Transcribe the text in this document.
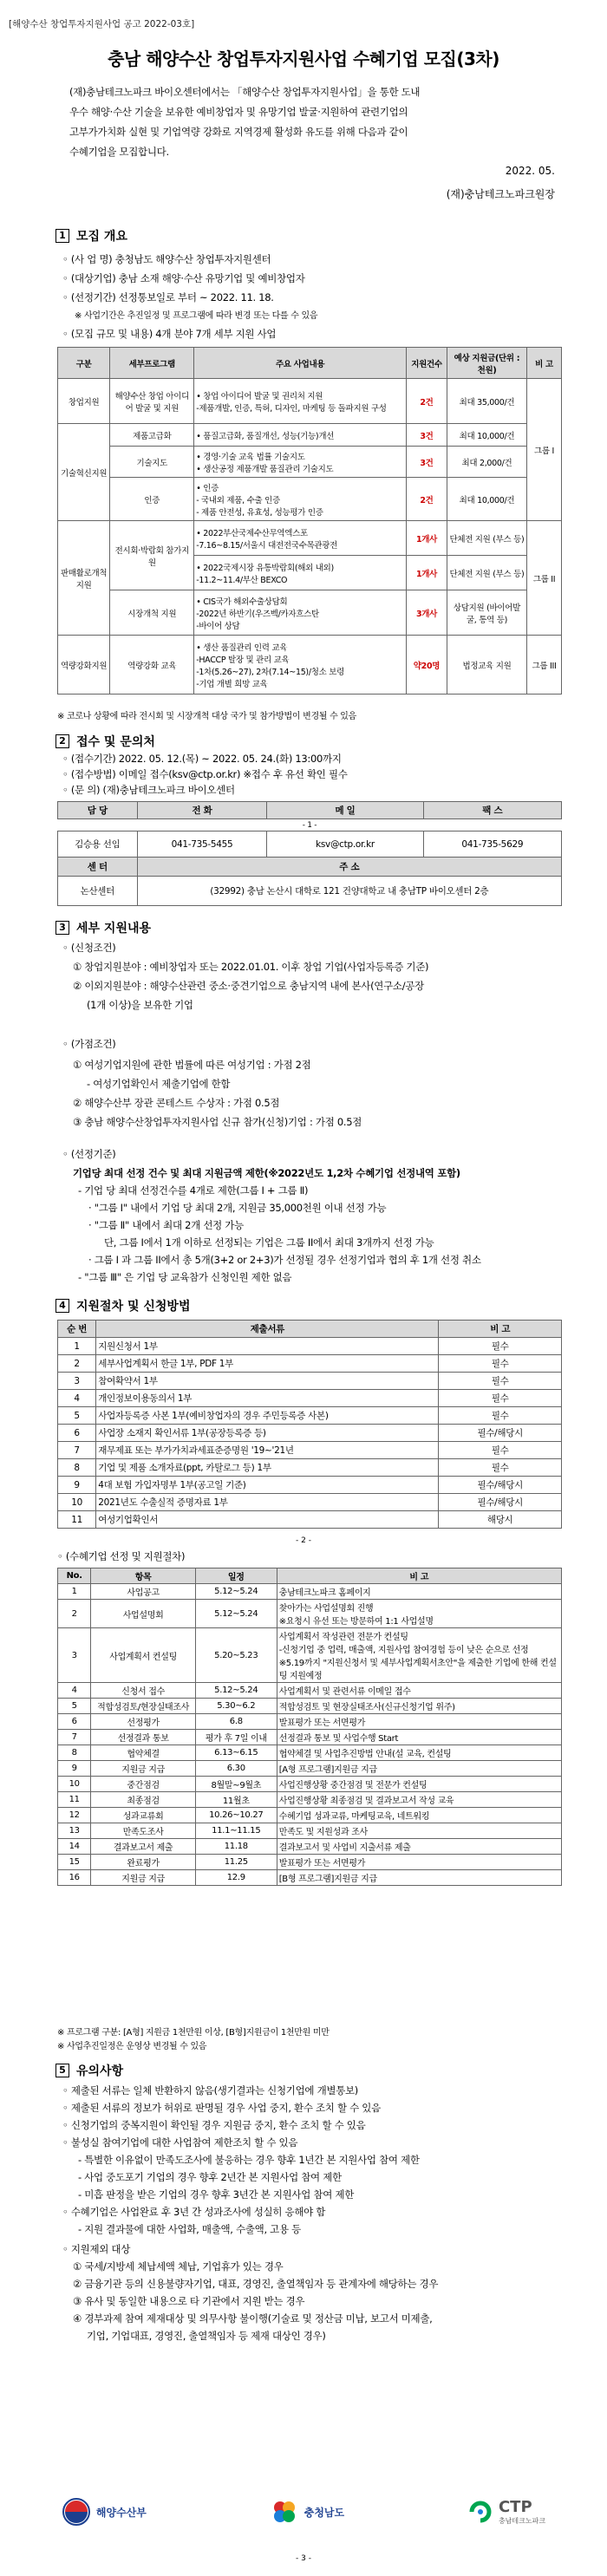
[해양수산 창업투자지원사업 공고 2022-03호]
충남 해양수산 창업투자지원사업 수혜기업 모집(3차)
(재)충남테크노파크 바이오센터에서는 「해양수산 창업투자지원사업」을 통한 도내
우수 해양·수산 기술을 보유한 예비창업자 및 유망기업 발굴·지원하여 관련기업의
고부가가치화 실현 및 기업역량 강화로 지역경제 활성화 유도를 위해 다음과 같이
수혜기업을 모집합니다.
2022. 05.
(재)충남테크노파크원장
1 모집 개요
◦ (사 업 명) 충청남도 해양수산 창업투자지원센터
◦ (대상기업) 충남 소재 해양·수산 유망기업 및 예비창업자
◦ (선정기간) 선정통보일로 부터 ~ 2022. 11. 18.
※ 사업기간은 추진일정 및 프로그램에 따라 변경 또는 다를 수 있음
◦ (모집 규모 및 내용) 4개 분야 7개 세부 지원 사업
구분	세부프로그램	주요 사업내용	지원건수	예상 지원금(단위 : 천원)	비 고
창업지원	해양수산 창업 아이디어 발굴 및 지원	• 창업 아이디어 발굴 및 권리처 지원
-제품개발, 인증, 특허, 디자인, 마케팅 등 돌파지원 구성	2건	최대 35,000/건	그룹 I
기술혁신지원	제품고급화	• 품질고급화, 품질개선, 성능(기능)개선	3건	최대 10,000/건	
	기술지도	• 경영·기술 교육 법률 기술지도
• 생산공정 제품개발 품질관리 기술지도	3건	최대 2,000/건	
	인증	• 인증
- 국내외 제품, 수출 인증
- 제품 안전성, 유효성, 성능평가 인증	2건	최대 10,000/건	
판매활로개척지원	전시회·박람회 참가지원	• 2022부산국제수산무역엑스포
-7.16~8.15/서울시 대전전국수목관광전	1개사	단체전 지원 (부스 등)	그룹 II
		• 2022국제시장 유통박람회(해외 내외)
-11.2~11.4/부산 BEXCO	1개사	단체전 지원 (부스 등)	
	시장개척 지원	• CIS국가 해외수출상담회
-2022년 하반기(우즈벡/카자흐스탄
-바이어 상담	3개사	상담지원 (바이어발굴, 통역 등)	
역량강화지원	역량강화 교육	• 생산 품질관리 인력 교육
-HACCP 탈장 및 관리 교육
-1차(5.26~27), 2차(7.14~15)/청소 보령
-기업 개별 희망 교육	약20명	법정교육 지원	그룹 III
※ 코로나 상황에 따라 전시회 및 시장개척 대상 국가 및 참가방법이 변경될 수 있음
2 접수 및 문의처
◦ (접수기간) 2022. 05. 12.(목) ~ 2022. 05. 24.(화) 13:00까지
◦ (접수방법) 이메일 접수(ksv@ctp.or.kr) ※접수 후 유선 확인 필수
◦ (문 의) (재)충남테크노파크 바이오센터
담 당	전 화	메 일	팩 스
- 1 -			
김승용 선임	041-735-5455	ksv@ctp.or.kr	041-735-5629
센 터	주 소		
논산센터	(32992) 충남 논산시 대학로 121 건양대학교 내 충남TP 바이오센터 2층		
3 세부 지원내용
◦ (신청조건)
① 창업지원분야 : 예비창업자 또는 2022.01.01. 이후 창업 기업(사업자등록증 기준)
② 이외지원분야 : 해양수산관련 중소·중견기업으로 충남지역 내에 본사(연구소/공장
(1개 이상)을 보유한 기업
◦ (가점조건)
① 여성기업지원에 관한 법률에 따른 여성기업 : 가점 2점
- 여성기업확인서 제출기업에 한함
② 해양수산부 장관 콘테스트 수상자 : 가점 0.5점
③ 충남 해양수산창업투자지원사업 신규 참가(신청)기업 : 가점 0.5점
◦ (선정기준)
기업당 최대 선정 건수 및 최대 지원금액 제한(※2022년도 1,2차 수혜기업 선정내역 포함)
- 기업 당 최대 선정건수를 4개로 제한(그룹 Ⅰ + 그룹 Ⅱ)
· "그룹 Ⅰ" 내에서 기업 당 최대 2개, 지원금 35,000천원 이내 선정 가능
· "그룹 Ⅱ" 내에서 최대 2개 선정 가능
단, 그룹 I에서 1개 이하로 선정되는 기업은 그룹 II에서 최대 3개까지 선정 가능
· 그룹 I 과 그룹 II에서 총 5개(3+2 or 2+3)가 선정될 경우 선정기업과 협의 후 1개 선정 취소
- "그룹 Ⅲ" 은 기업 당 교육참가 신청인원 제한 없음
4 지원절차 및 신청방법
순 번	제출서류	비 고
1	지원신청서 1부	필수
2	세부사업계획서 한글 1부, PDF 1부	필수
3	참여확약서 1부	필수
4	개인정보이용동의서 1부	필수
5	사업자등록증 사본 1부(예비창업자의 경우 주민등록증 사본)	필수
6	사업장 소재지 확인서류 1부(공장등록증 등)	필수/해당시
7	재무제표 또는 부가가치과세표준증명원 '19~'21년	필수
8	기업 및 제품 소개자료(ppt, 카탈로그 등) 1부	필수
9	4대 보험 가입자명부 1부(공고일 기준)	필수/해당시
10	2021년도 수출실적 증명자료 1부	필수/해당시
11	여성기업확인서	해당시
- 2 -
◦ (수혜기업 선정 및 지원절차)
No.	항목	일정	비 고
1	사업공고	5.12~5.24	충남테크노파크 홈페이지
2	사업설명회	5.12~5.24	찾아가는 사업설명회 진행
※요청시 유선 또는 방문하여 1:1 사업설명
3	사업계획서 컨설팅	5.20~5.23	사업계획서 작성관련 전문가 컨설팅
-신청기업 중 업력, 매출액, 지원사업 참여경험 등이 낮은 순으로 선정
※5.19까지 "지원신청서 및 세부사업계획서초안"을 제출한 기업에 한해 컨설팅 지원예정
4	신청서 접수	5.12~5.24	사업계획서 및 관련서류 이메일 접수
5	적합성검토/현장실태조사	5.30~6.2	적합성검토 및 현장실태조사(신규신청기업 위주)
6	선정평가	6.8	발표평가 또는 서면평가
7	선정결과 통보	평가 후 7일 이내	선정결과 통보 및 사업수행 Start
8	협약체결	6.13~6.15	협약체결 및 사업추진방법 안내(설 교육, 컨설팅
9	지원금 지급	6.30	[A형 프로그램]지원금 지급
10	중간점검	8월말~9월초	사업진행상황 중간점검 및 전문가 컨설팅
11	최종점검	11월초	사업진행상황 최종점검 및 결과보고서 작성 교육
12	성과교류회	10.26~10.27	수혜기업 성과교류, 마케팅교육, 네트워킹
13	만족도조사	11.1~11.15	만족도 및 지원성과 조사
14	결과보고서 제출	11.18	결과보고서 및 사업비 지출서류 제출
15	완료평가	11.25	발표평가 또는 서면평가
16	지원금 지급	12.9	[B형 프로그램]지원금 지급
※ 프로그램 구분: [A형] 지원금 1천만원 이상, [B형]지원금이 1천만원 미만
※ 사업추진일정은 운영상 변경될 수 있음
5 유의사항
◦ 제출된 서류는 일체 반환하지 않음(생기결과는 신청기업에 개별통보)
◦ 제출된 서류의 정보가 허위로 판명될 경우 사업 중지, 환수 조치 할 수 있음
◦ 신청기업의 중복지원이 확인될 경우 지원금 중지, 환수 조치 할 수 있음
◦ 불성실 참여기업에 대한 사업참여 제한조치 할 수 있음
- 특별한 이유없이 만족도조사에 불응하는 경우 향후 1년간 본 지원사업 참여 제한
- 사업 중도포기 기업의 경우 향후 2년간 본 지원사업 참여 제한
- 미흡 판정을 받은 기업의 경우 향후 3년간 본 지원사업 참여 제한
◦ 수혜기업은 사업완료 후 3년 간 성과조사에 성실히 응해야 함
- 지원 결과물에 대한 사업화, 매출액, 수출액, 고용 등
◦ 지원제외 대상
① 국세/지방세 체납세액 체납, 기업휴가 있는 경우
② 금융기관 등의 신용불량자기업, 대표, 경영진, 출열책임자 등 관계자에 해당하는 경우
③ 유사 및 동일한 내용으로 타 기관에서 지원 받는 경우
④ 경부과제 참여 제재대상 및 의무사항 불이행(기술료 및 정산금 미납, 보고서 미제출,
기업, 기업대표, 경영진, 출열책임자 등 제재 대상인 경우)
해양수산부	충청남도	CTP
충남테크노파크
- 3 -
